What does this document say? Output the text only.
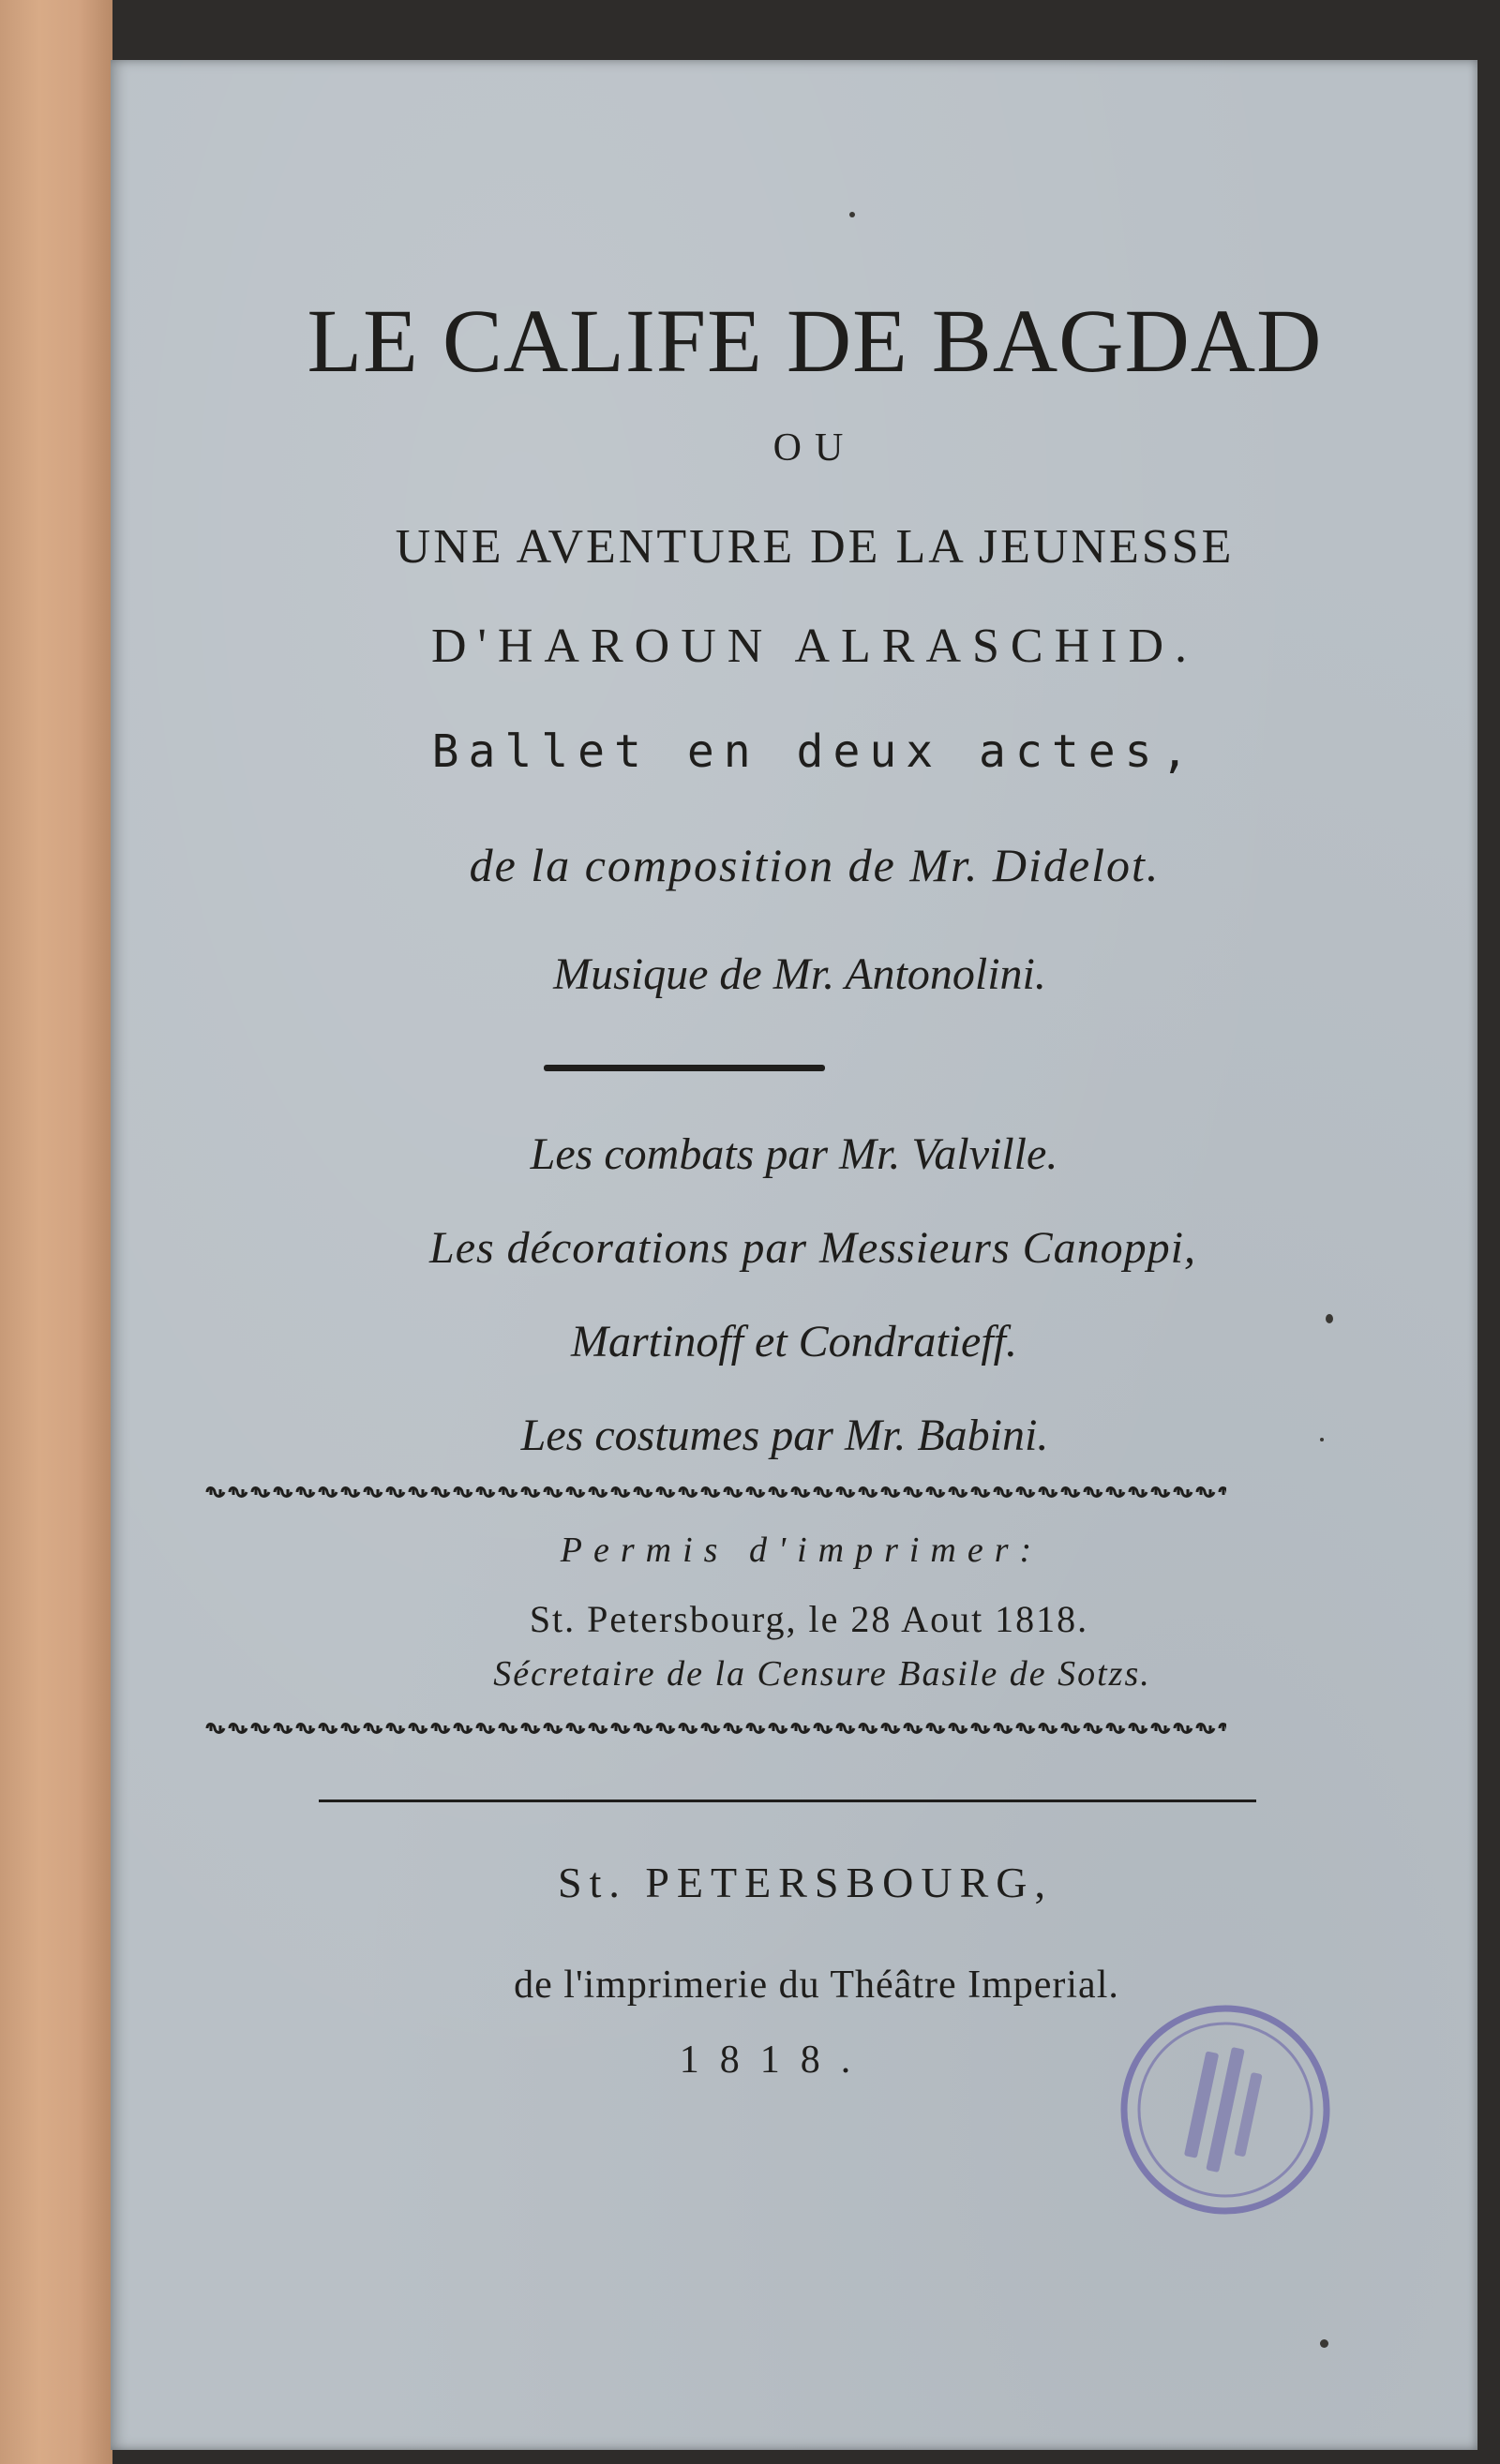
LE CALIFE DE BAGDAD
OU
UNE AVENTURE DE LA JEUNESSE
D'HAROUN ALRASCHID.
Ballet en deux actes,
de la composition de Mr. Didelot.
Musique de Mr. Antonolini.
Les combats par Mr. Valville.
Les décorations par Messieurs Canoppi,
Martinoff et Condratieff.
Les costumes par Mr. Babini.
Permis d'imprimer:
St. Petersbourg, le 28 Aout 1818.
Sécretaire de la Censure Basile de Sotzs.
St. PETERSBOURG,
de l'imprimerie du Théâtre Imperial.
1818.
